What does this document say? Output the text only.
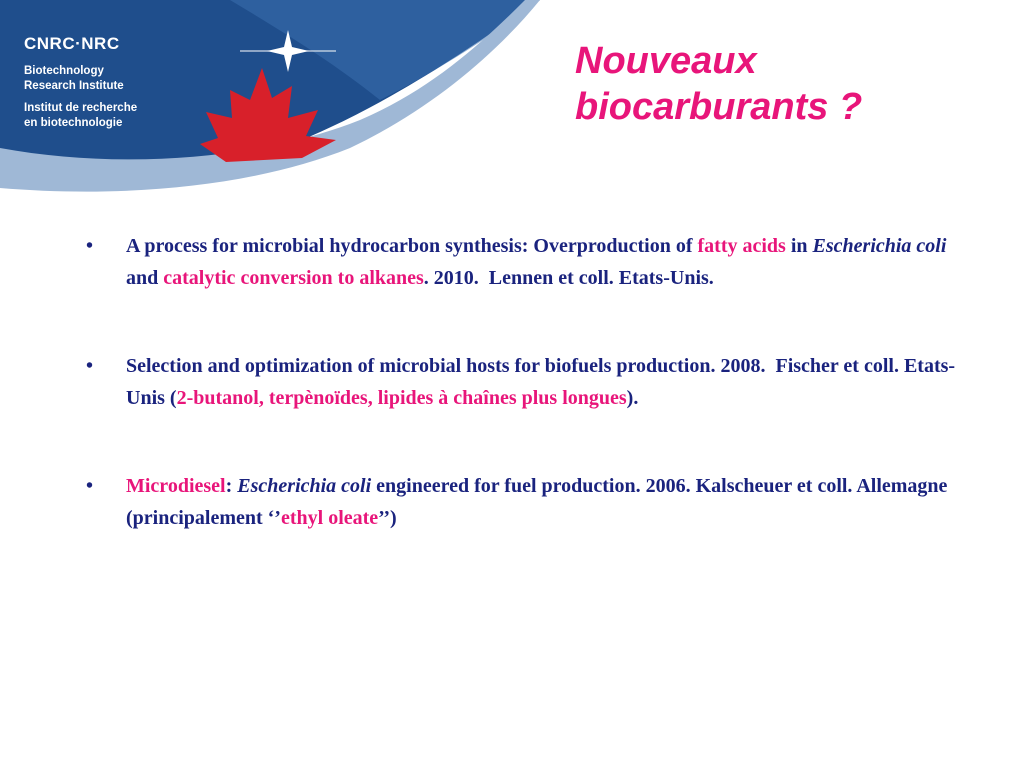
CNRC·NRC
Biotechnology
Research Institute
Institut de recherche
en biotechnologie
Nouveaux
biocarburants ?
•	A process for microbial hydrocarbon synthesis: Overproduction of fatty acids in Escherichia coli and catalytic conversion to alkanes. 2010.  Lennen et coll. Etats-Unis.
•	Selection and optimization of microbial hosts for biofuels production. 2008.  Fischer et coll. Etats-Unis (2-butanol, terpènoïdes, lipides à chaînes plus longues).
•	Microdiesel: Escherichia coli engineered for fuel production. 2006. Kalscheuer et coll. Allemagne (principalement ‘’ethyl oleate’’)
